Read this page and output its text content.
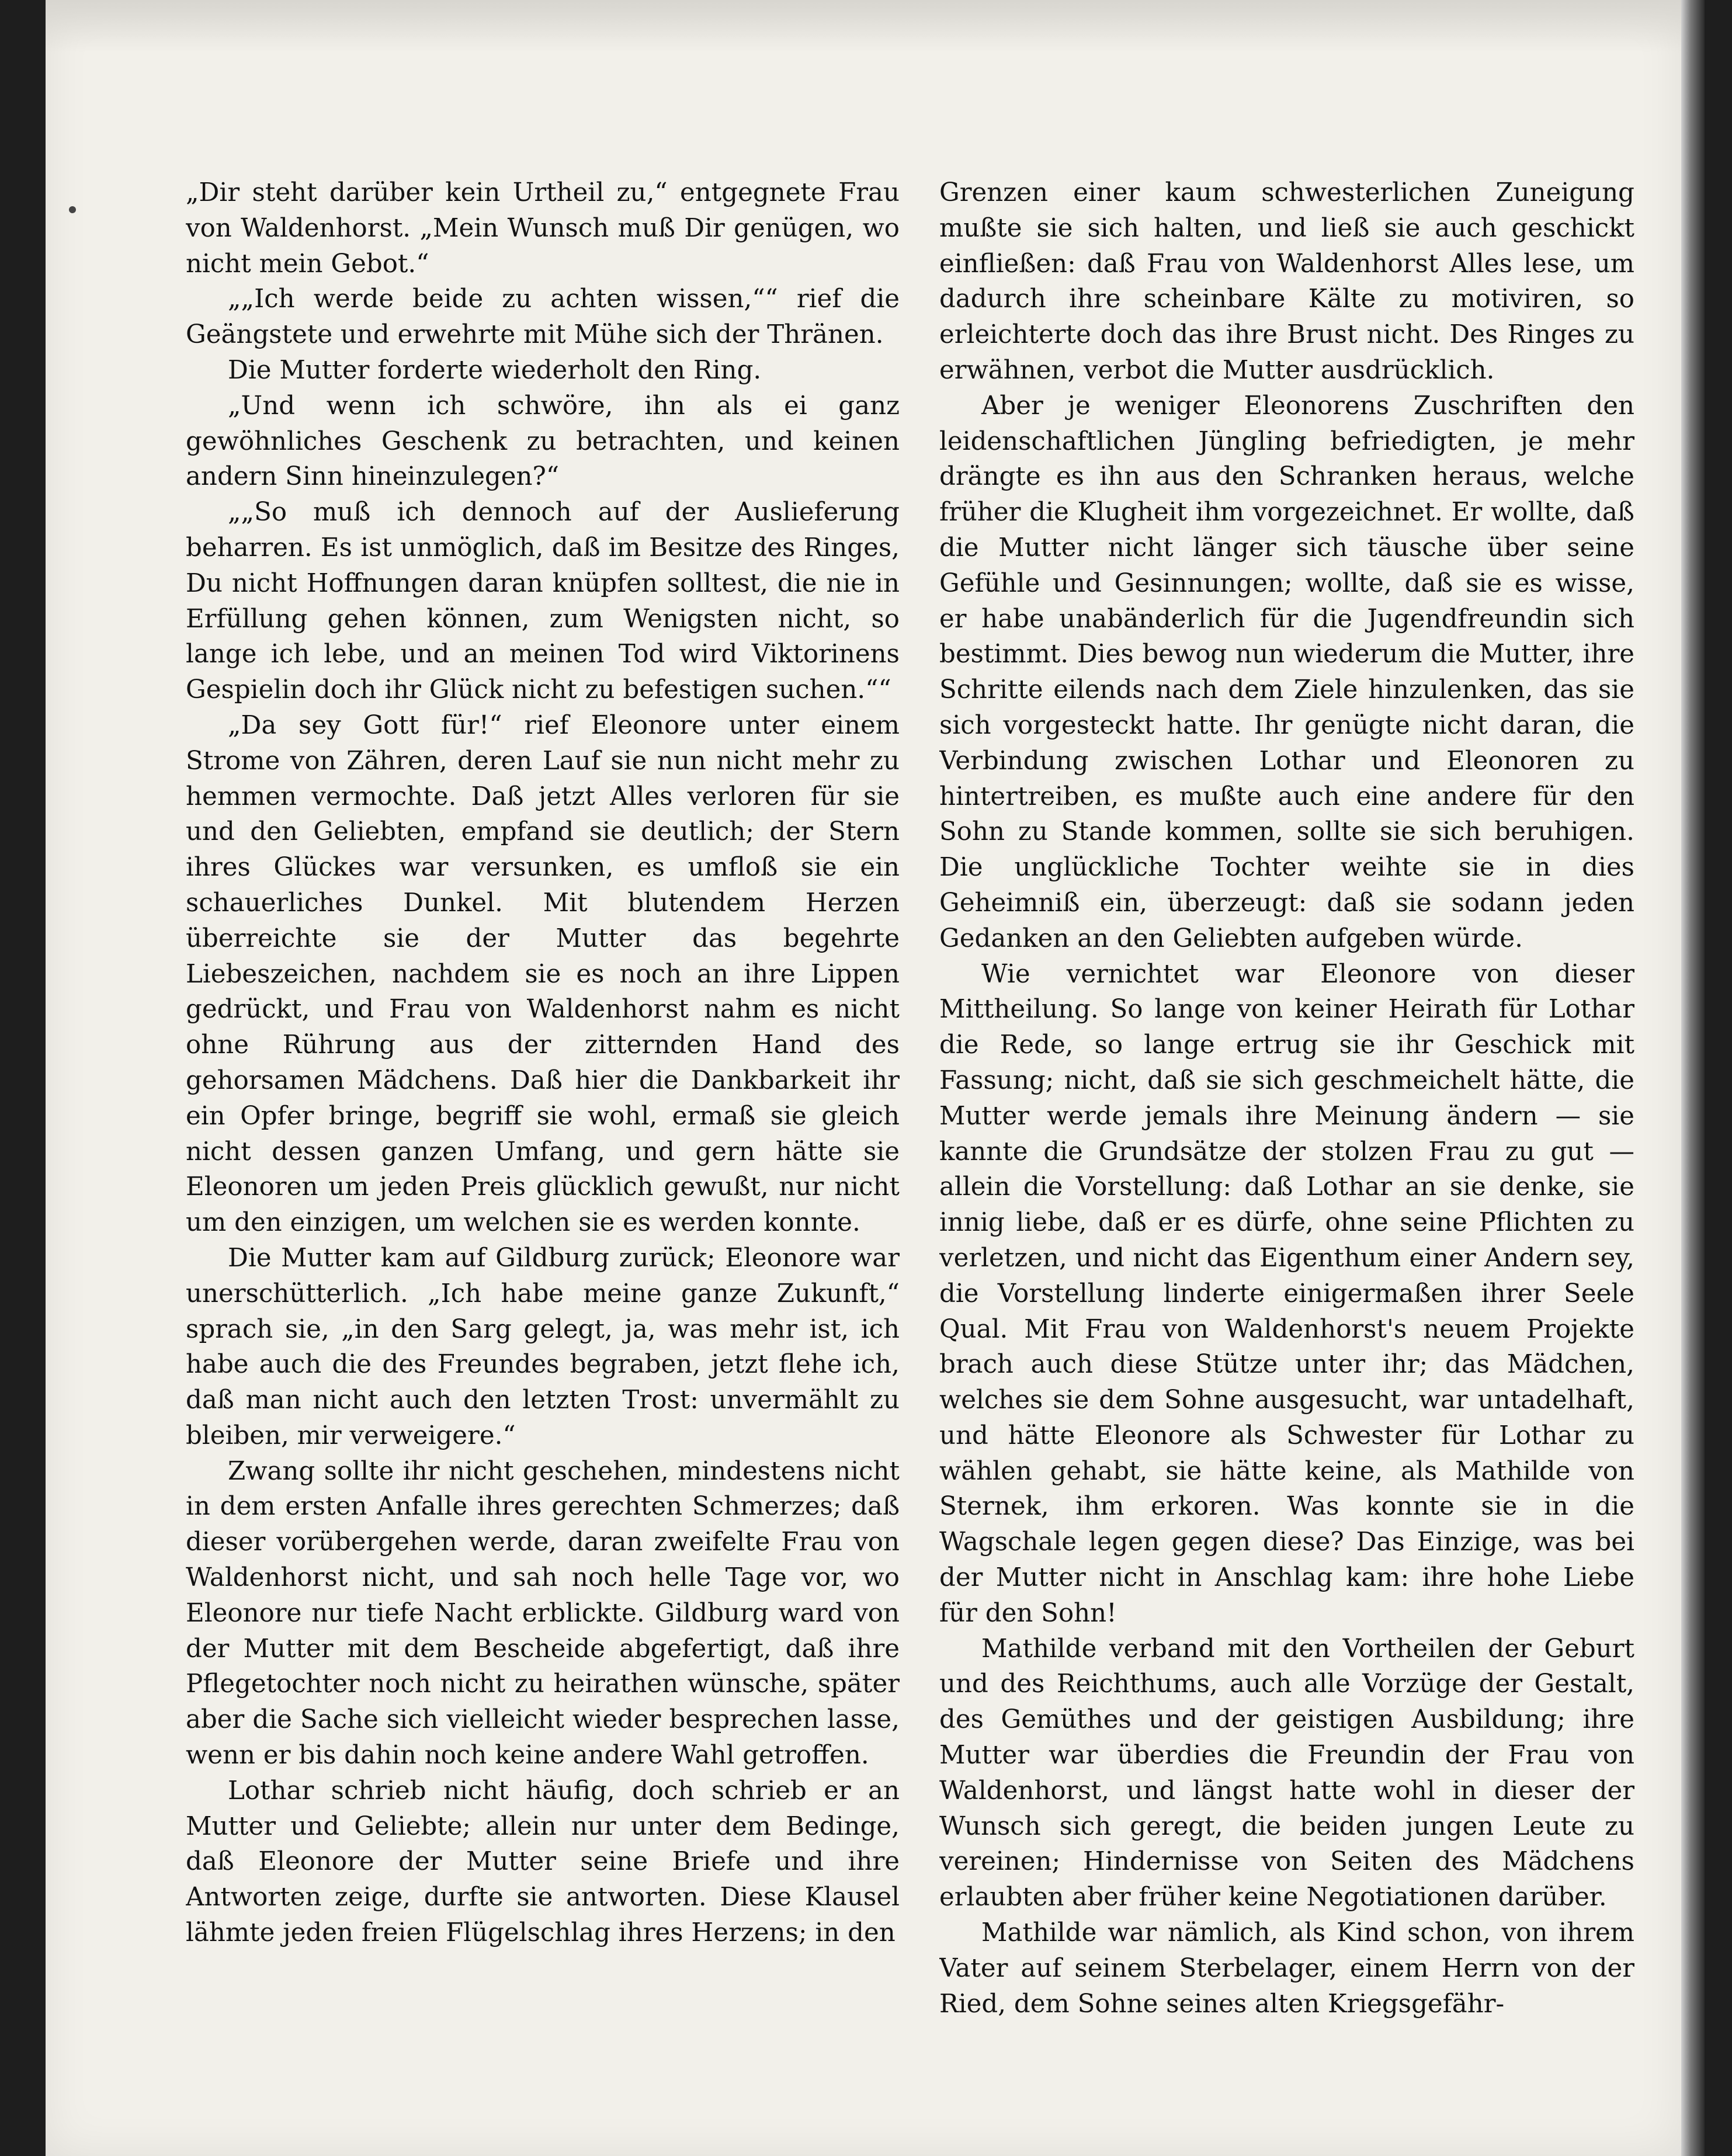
„Dir steht darüber kein Urtheil zu,“ entgegnete Frau von Waldenhorst. „Mein Wunsch muß Dir genügen, wo nicht mein Gebot.“

„„Ich werde beide zu achten wissen,““ rief die Geängstete und erwehrte mit Mühe sich der Thränen.

Die Mutter forderte wiederholt den Ring.

„Und wenn ich schwöre, ihn als ei ganz gewöhnliches Geschenk zu betrachten, und keinen andern Sinn hineinzulegen?“

„„So muß ich dennoch auf der Auslieferung beharren. Es ist unmöglich, daß im Besitze des Ringes, Du nicht Hoffnungen daran knüpfen solltest, die nie in Erfüllung gehen können, zum Wenigsten nicht, so lange ich lebe, und an meinen Tod wird Viktorinens Gespielin doch ihr Glück nicht zu befestigen suchen.““

„Da sey Gott für!“ rief Eleonore unter einem Strome von Zähren, deren Lauf sie nun nicht mehr zu hemmen vermochte. Daß jetzt Alles verloren für sie und den Geliebten, empfand sie deutlich; der Stern ihres Glückes war versunken, es umfloß sie ein schauerliches Dunkel. Mit blutendem Herzen überreichte sie der Mutter das begehrte Liebeszeichen, nachdem sie es noch an ihre Lippen gedrückt, und Frau von Waldenhorst nahm es nicht ohne Rührung aus der zitternden Hand des gehorsamen Mädchens. Daß hier die Dankbarkeit ihr ein Opfer bringe, begriff sie wohl, ermaß sie gleich nicht dessen ganzen Umfang, und gern hätte sie Eleonoren um jeden Preis glücklich gewußt, nur nicht um den einzigen, um welchen sie es werden konnte.

Die Mutter kam auf Gildburg zurück; Eleonore war unerschütterlich. „Ich habe meine ganze Zukunft,“ sprach sie, „in den Sarg gelegt, ja, was mehr ist, ich habe auch die des Freundes begraben, jetzt flehe ich, daß man nicht auch den letzten Trost: unvermählt zu bleiben, mir verweigere.“

Zwang sollte ihr nicht geschehen, mindestens nicht in dem ersten Anfalle ihres gerechten Schmerzes; daß dieser vorübergehen werde, daran zweifelte Frau von Waldenhorst nicht, und sah noch helle Tage vor, wo Eleonore nur tiefe Nacht erblickte. Gildburg ward von der Mutter mit dem Bescheide abgefertigt, daß ihre Pflegetochter noch nicht zu heirathen wünsche, später aber die Sache sich vielleicht wieder besprechen lasse, wenn er bis dahin noch keine andere Wahl getroffen.

Lothar schrieb nicht häufig, doch schrieb er an Mutter und Geliebte; allein nur unter dem Bedinge, daß Eleonore der Mutter seine Briefe und ihre Antworten zeige, durfte sie antworten. Diese Klausel lähmte jeden freien Flügelschlag ihres Herzens; in den

Grenzen einer kaum schwesterlichen Zuneigung mußte sie sich halten, und ließ sie auch geschickt einfließen: daß Frau von Waldenhorst Alles lese, um dadurch ihre scheinbare Kälte zu motiviren, so erleichterte doch das ihre Brust nicht. Des Ringes zu erwähnen, verbot die Mutter ausdrücklich.

Aber je weniger Eleonorens Zuschriften den leidenschaftlichen Jüngling befriedigten, je mehr drängte es ihn aus den Schranken heraus, welche früher die Klugheit ihm vorgezeichnet. Er wollte, daß die Mutter nicht länger sich täusche über seine Gefühle und Gesinnungen; wollte, daß sie es wisse, er habe unabänderlich für die Jugendfreundin sich bestimmt. Dies bewog nun wiederum die Mutter, ihre Schritte eilends nach dem Ziele hinzulenken, das sie sich vorgesteckt hatte. Ihr genügte nicht daran, die Verbindung zwischen Lothar und Eleonoren zu hintertreiben, es mußte auch eine andere für den Sohn zu Stande kommen, sollte sie sich beruhigen. Die unglückliche Tochter weihte sie in dies Geheimniß ein, überzeugt: daß sie sodann jeden Gedanken an den Geliebten aufgeben würde.

Wie vernichtet war Eleonore von dieser Mittheilung. So lange von keiner Heirath für Lothar die Rede, so lange ertrug sie ihr Geschick mit Fassung; nicht, daß sie sich geschmeichelt hätte, die Mutter werde jemals ihre Meinung ändern — sie kannte die Grundsätze der stolzen Frau zu gut — allein die Vorstellung: daß Lothar an sie denke, sie innig liebe, daß er es dürfe, ohne seine Pflichten zu verletzen, und nicht das Eigenthum einer Andern sey, die Vorstellung linderte einigermaßen ihrer Seele Qual. Mit Frau von Waldenhorst's neuem Projekte brach auch diese Stütze unter ihr; das Mädchen, welches sie dem Sohne ausgesucht, war untadelhaft, und hätte Eleonore als Schwester für Lothar zu wählen gehabt, sie hätte keine, als Mathilde von Sternek, ihm erkoren. Was konnte sie in die Wagschale legen gegen diese? Das Einzige, was bei der Mutter nicht in Anschlag kam: ihre hohe Liebe für den Sohn!

Mathilde verband mit den Vortheilen der Geburt und des Reichthums, auch alle Vorzüge der Gestalt, des Gemüthes und der geistigen Ausbildung; ihre Mutter war überdies die Freundin der Frau von Waldenhorst, und längst hatte wohl in dieser der Wunsch sich geregt, die beiden jungen Leute zu vereinen; Hindernisse von Seiten des Mädchens erlaubten aber früher keine Negotiationen darüber.

Mathilde war nämlich, als Kind schon, von ihrem Vater auf seinem Sterbelager, einem Herrn von der Ried, dem Sohne seines alten Kriegsgefähr-
